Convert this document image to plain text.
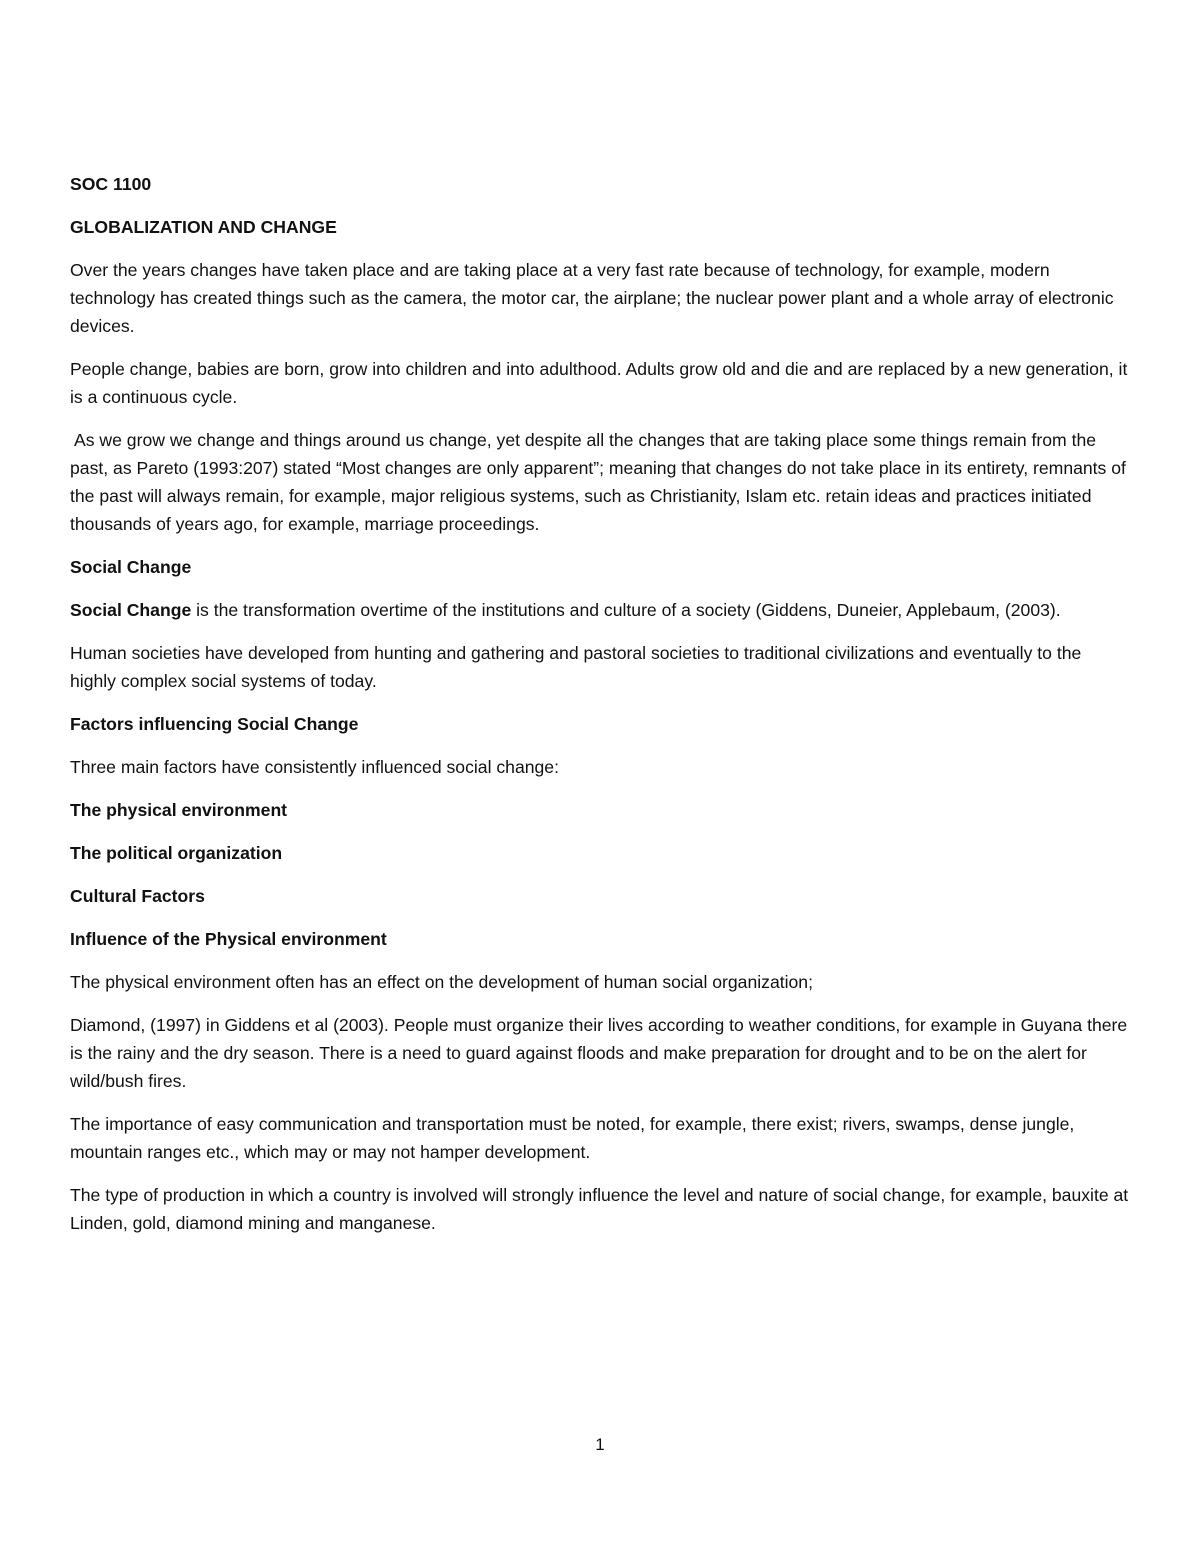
SOC 1100

GLOBALIZATION AND CHANGE

Over the years changes have taken place and are taking place at a very fast rate because of technology, for example, modern technology has created things such as the camera, the motor car, the airplane; the nuclear power plant and a whole array of electronic devices.

People change, babies are born, grow into children and into adulthood. Adults grow old and die and are replaced by a new generation, it is a continuous cycle.

As we grow we change and things around us change, yet despite all the changes that are taking place some things remain from the past, as Pareto (1993:207) stated “Most changes are only apparent”; meaning that changes do not take place in its entirety, remnants of the past will always remain, for example, major religious systems, such as Christianity, Islam etc. retain ideas and practices initiated thousands of years ago, for example, marriage proceedings.

Social Change

Social Change is the transformation overtime of the institutions and culture of a society (Giddens, Duneier, Applebaum, (2003).

Human societies have developed from hunting and gathering and pastoral societies to traditional civilizations and eventually to the highly complex social systems of today.

Factors influencing Social Change

Three main factors have consistently influenced social change:

The physical environment

The political organization

Cultural Factors

Influence of the Physical environment

The physical environment often has an effect on the development of human social organization;

Diamond, (1997) in Giddens et al (2003). People must organize their lives according to weather conditions, for example in Guyana there is the rainy and the dry season. There is a need to guard against floods and make preparation for drought and to be on the alert for wild/bush fires.

The importance of easy communication and transportation must be noted, for example, there exist; rivers, swamps, dense jungle, mountain ranges etc., which may or may not hamper development.

The type of production in which a country is involved will strongly influence the level and nature of social change, for example, bauxite at Linden, gold, diamond mining and manganese.

1
